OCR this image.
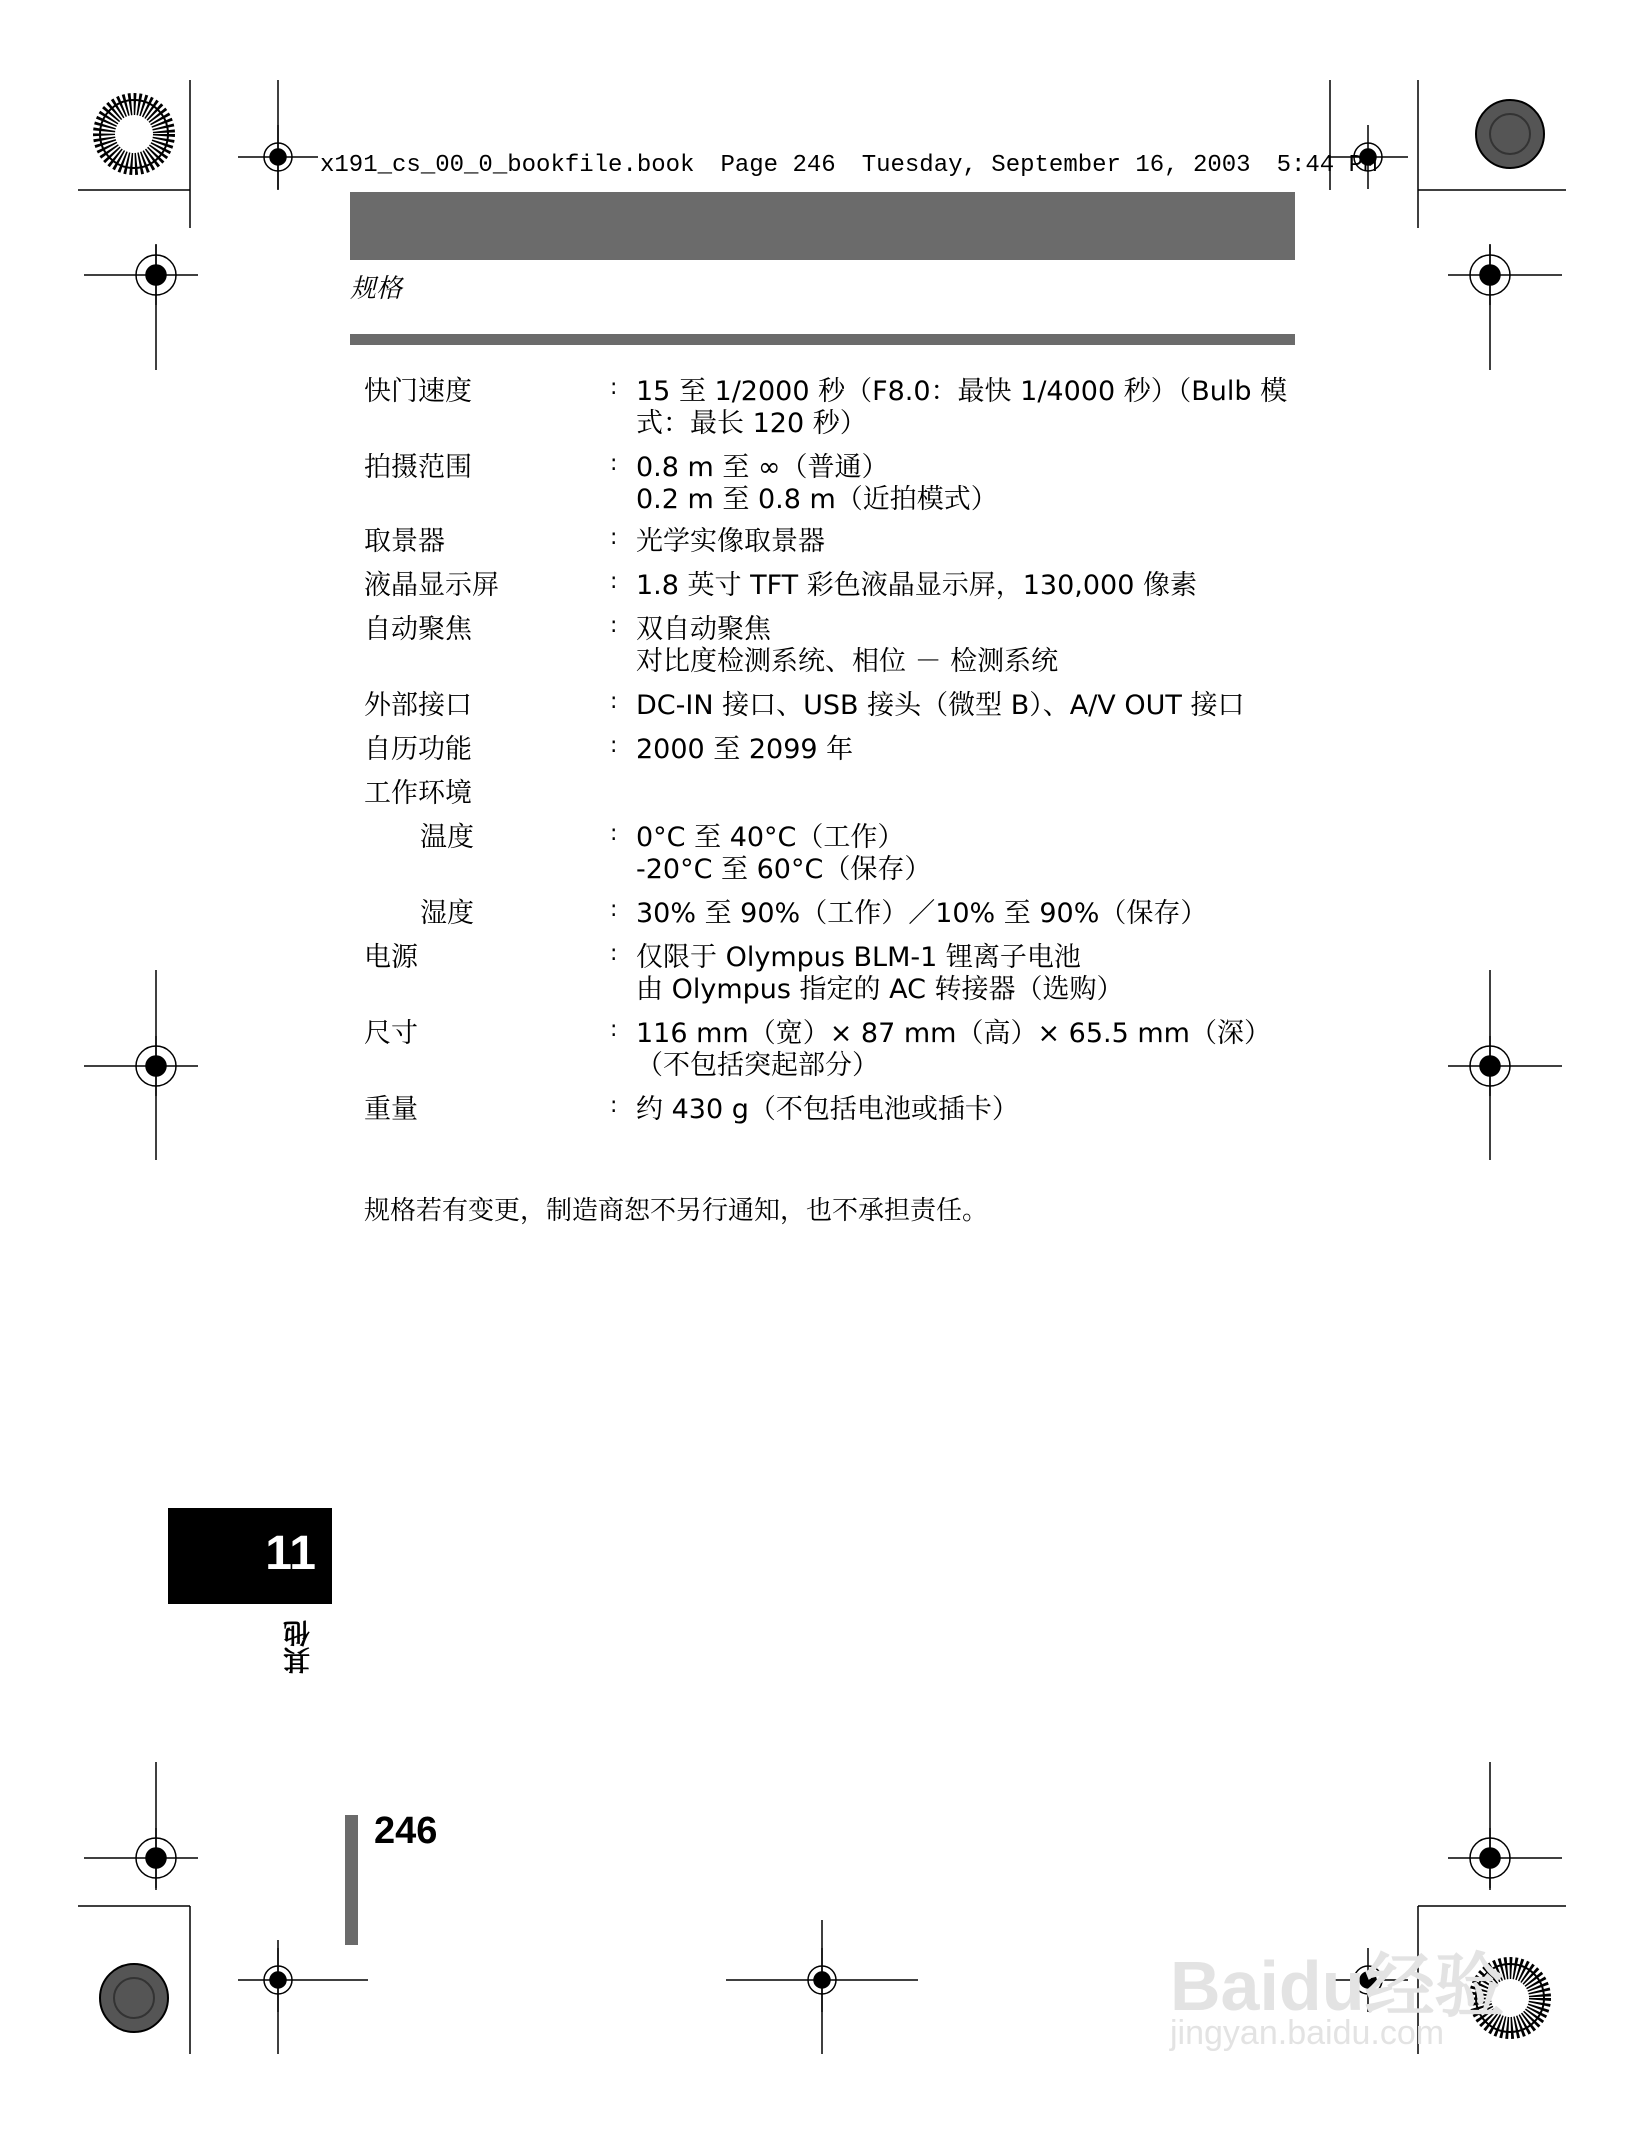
x191_cs_00_0_bookfile.book Page 246 Tuesday, September 16, 2003 5:44 PM
规格
快门速度	: 15 至 1/2000 秒（F8.0：最快 1/4000 秒）（Bulb 模
式：最长 120 秒）
拍摄范围	: 0.8 m 至 ∞（普通）
0.2 m 至 0.8 m（近拍模式）
取景器	: 光学实像取景器
液晶显示屏	: 1.8 英寸 TFT 彩色液晶显示屏，130,000 像素
自动聚焦	: 双自动聚焦
对比度检测系统、相位 － 检测系统
外部接口	: DC-IN 接口、USB 接头（微型 B）、A/V OUT 接口
自历功能	: 2000 至 2099 年
工作环境
温度	: 0°C 至 40°C（工作）
-20°C 至 60°C（保存）
湿度	: 30% 至 90%（工作）／10% 至 90%（保存）
电源	: 仅限于 Olympus BLM-1 锂离子电池
由 Olympus 指定的 AC 转接器（选购）
尺寸	: 116 mm（宽）× 87 mm（高）× 65.5 mm（深）
（不包括突起部分）
重量	: 约 430 g（不包括电池或插卡）
规格若有变更，制造商恕不另行通知，也不承担责任。
11
其他
246
Baidu经验
jingyan.baidu.com
